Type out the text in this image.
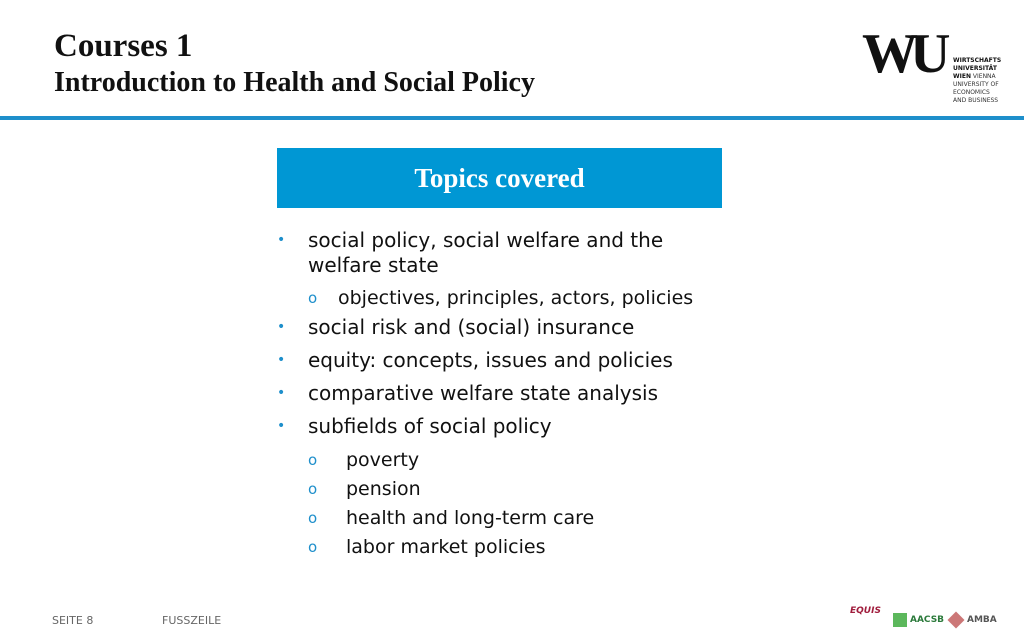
Courses 1
Introduction to Health and Social Policy	WU WIRTSCHAFTS
UNIVERSITÄT
WIEN VIENNA
UNIVERSITY OF
ECONOMICS
AND BUSINESS
Topics covered
• social policy, social welfare and the
welfare state
o objectives, principles, actors, policies
• social risk and (social) insurance
• equity: concepts, issues and policies
• comparative welfare state analysis
• subfields of social policy
o poverty
o pension
o health and long-term care
o labor market policies
SEITE 8	FUSSZEILE
EQUIS
AACSB	AMBA
